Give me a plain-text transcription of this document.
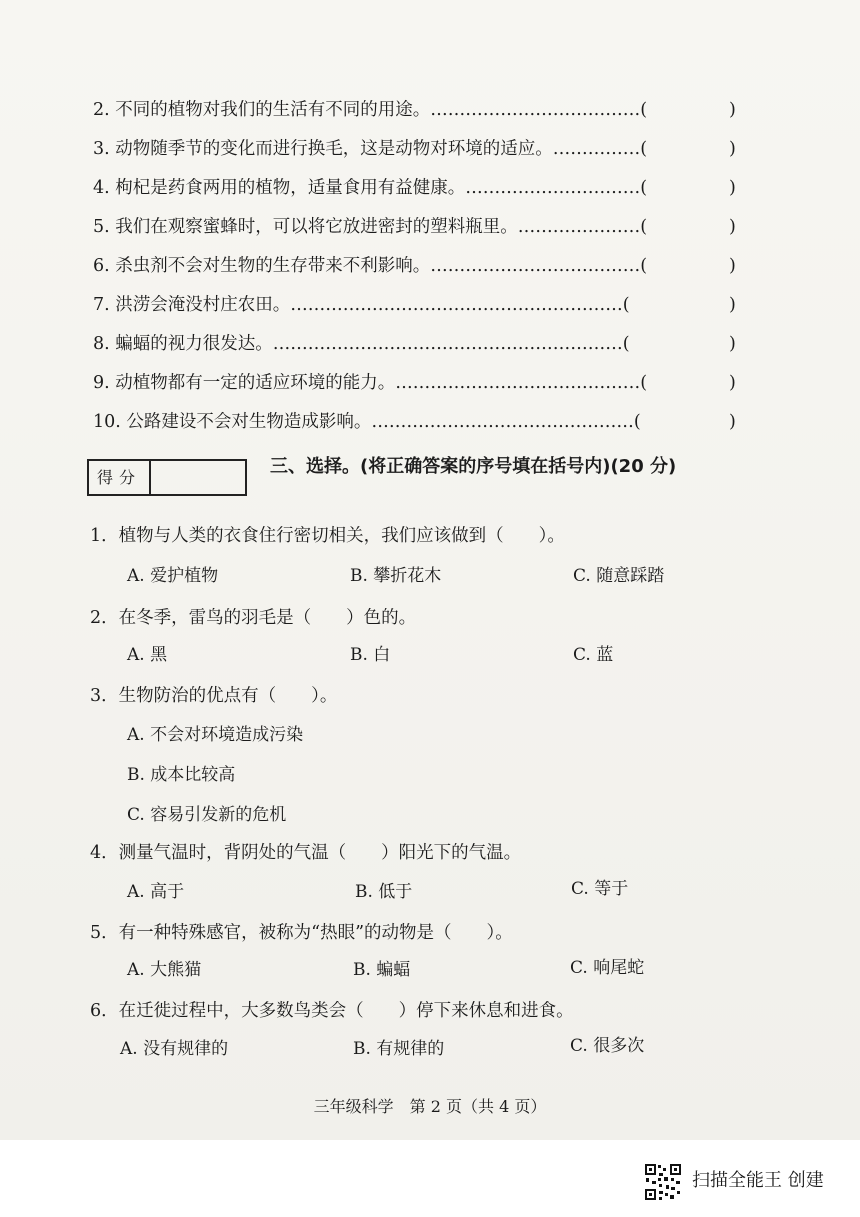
2. 不同的植物对我们的生活有不同的用途。………………………………(	)
3. 动物随季节的变化而进行换毛，这是动物对环境的适应。……………(	)
4. 枸杞是药食两用的植物，适量食用有益健康。…………………………(	)
5. 我们在观察蜜蜂时，可以将它放进密封的塑料瓶里。…………………(	)
6. 杀虫剂不会对生物的生存带来不利影响。………………………………(	)
7. 洪涝会淹没村庄农田。…………………………………………………(	)
8. 蝙蝠的视力很发达。……………………………………………………(	)
9. 动植物都有一定的适应环境的能力。……………………………………(	)
10. 公路建设不会对生物造成影响。………………………………………(	)
得分
三、选择。(将正确答案的序号填在括号内)(20 分)
1．植物与人类的衣食住行密切相关，我们应该做到（　　）。
A. 爱护植物	B. 攀折花木	C. 随意踩踏
2．在冬季，雷鸟的羽毛是（　　）色的。
A. 黑	B. 白	C. 蓝
3．生物防治的优点有（　　）。
A. 不会对环境造成污染
B. 成本比较高
C. 容易引发新的危机
4．测量气温时，背阴处的气温（　　）阳光下的气温。
A. 高于	B. 低于	C. 等于
5．有一种特殊感官，被称为“热眼”的动物是（　　）。
A. 大熊猫	B. 蝙蝠	C. 响尾蛇
6．在迁徙过程中，大多数鸟类会（　　）停下来休息和进食。
A. 没有规律的	B. 有规律的	C. 很多次
三年级科学　第 2 页（共 4 页）
扫描全能王 创建
